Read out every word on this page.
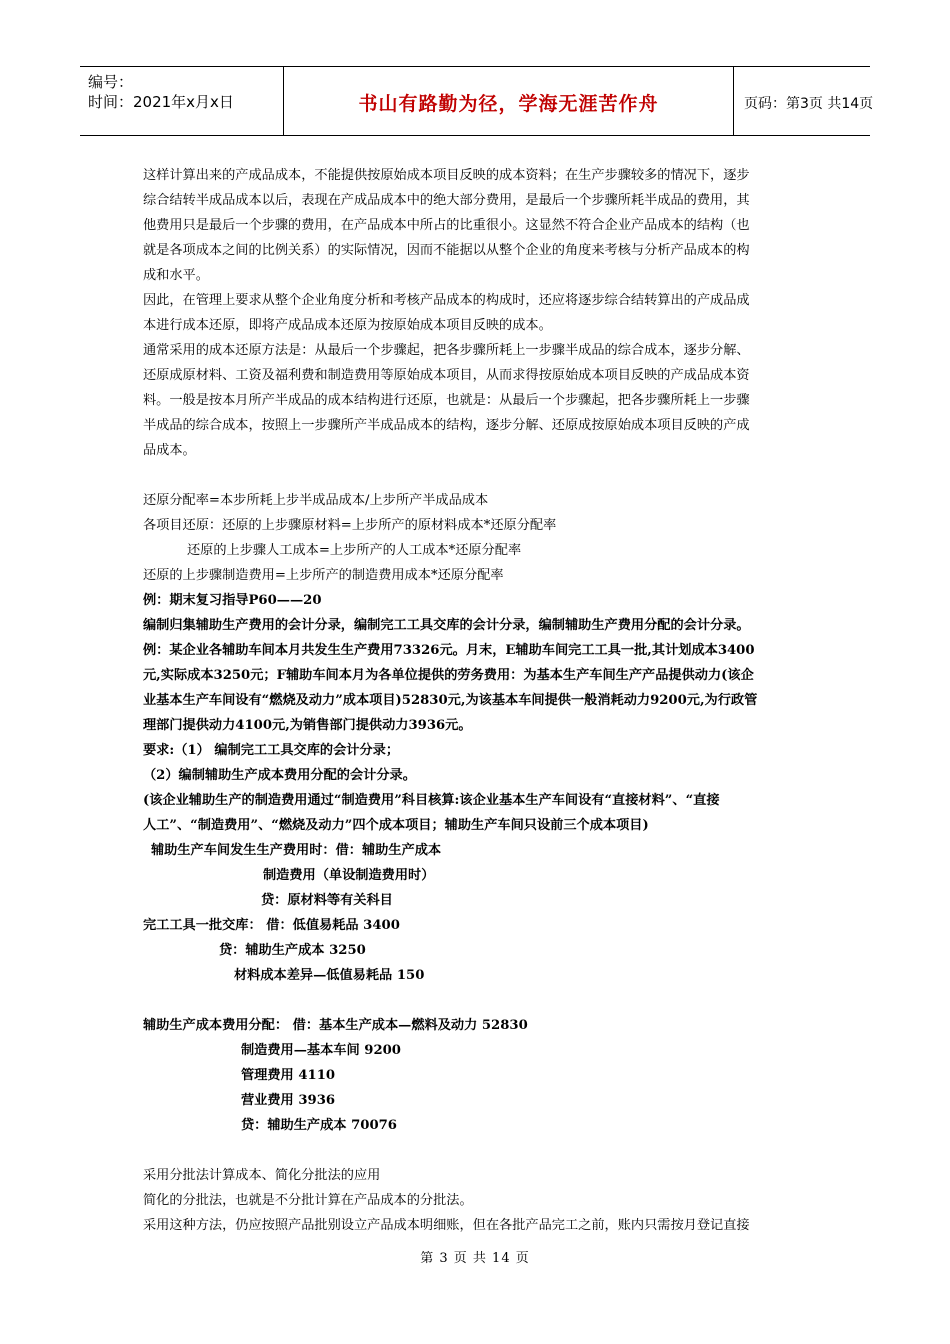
编号：
时间：2021年x月x日	书山有路勤为径，学海无涯苦作舟	页码：第3页 共14页
这样计算出来的产成品成本，不能提供按原始成本项目反映的成本资料；在生产步骤较多的情况下，逐步
综合结转半成品成本以后，表现在产成品成本中的绝大部分费用，是最后一个步骤所耗半成品的费用，其
他费用只是最后一个步骤的费用，在产品成本中所占的比重很小。这显然不符合企业产品成本的结构（也
就是各项成本之间的比例关系）的实际情况，因而不能据以从整个企业的角度来考核与分析产品成本的构
成和水平。
因此，在管理上要求从整个企业角度分析和考核产品成本的构成时，还应将逐步综合结转算出的产成品成
本进行成本还原，即将产成品成本还原为按原始成本项目反映的成本。
通常采用的成本还原方法是：从最后一个步骤起，把各步骤所耗上一步骤半成品的综合成本，逐步分解、
还原成原材料、工资及福利费和制造费用等原始成本项目，从而求得按原始成本项目反映的产成品成本资
料。一般是按本月所产半成品的成本结构进行还原，也就是：从最后一个步骤起，把各步骤所耗上一步骤
半成品的综合成本，按照上一步骤所产半成品成本的结构，逐步分解、还原成按原始成本项目反映的产成
品成本。
还原分配率=本步所耗上步半成品成本/上步所产半成品成本
各项目还原：还原的上步骤原材料=上步所产的原材料成本*还原分配率
还原的上步骤人工成本=上步所产的人工成本*还原分配率
还原的上步骤制造费用=上步所产的制造费用成本*还原分配率
例：期末复习指导P60——20
编制归集辅助生产费用的会计分录，编制完工工具交库的会计分录，编制辅助生产费用分配的会计分录。
例：某企业各辅助车间本月共发生生产费用73326元。月末，E辅助车间完工工具一批,其计划成本3400
元,实际成本3250元；F辅助车间本月为各单位提供的劳务费用：为基本生产车间生产产品提供动力(该企
业基本生产车间设有“燃烧及动力”成本项目)52830元,为该基本车间提供一般消耗动力9200元,为行政管
理部门提供动力4100元,为销售部门提供动力3936元。
要求:（1） 编制完工工具交库的会计分录；
（2）编制辅助生产成本费用分配的会计分录。
(该企业辅助生产的制造费用通过“制造费用”科目核算:该企业基本生产车间设有“直接材料”、“直接
人工”、“制造费用”、“燃烧及动力”四个成本项目；辅助生产车间只设前三个成本项目)
辅助生产车间发生生产费用时：借：辅助生产成本
制造费用（单设制造费用时）
贷：原材料等有关科目
完工工具一批交库： 借：低值易耗品 3400
贷：辅助生产成本 3250
材料成本差异—低值易耗品 150
辅助生产成本费用分配： 借：基本生产成本—燃料及动力 52830
制造费用—基本车间 9200
管理费用 4110
营业费用 3936
贷：辅助生产成本 70076
采用分批法计算成本、简化分批法的应用
简化的分批法，也就是不分批计算在产品成本的分批法。
采用这种方法，仍应按照产品批别设立产品成本明细账，但在各批产品完工之前，账内只需按月登记直接
第 3 页 共 14 页
